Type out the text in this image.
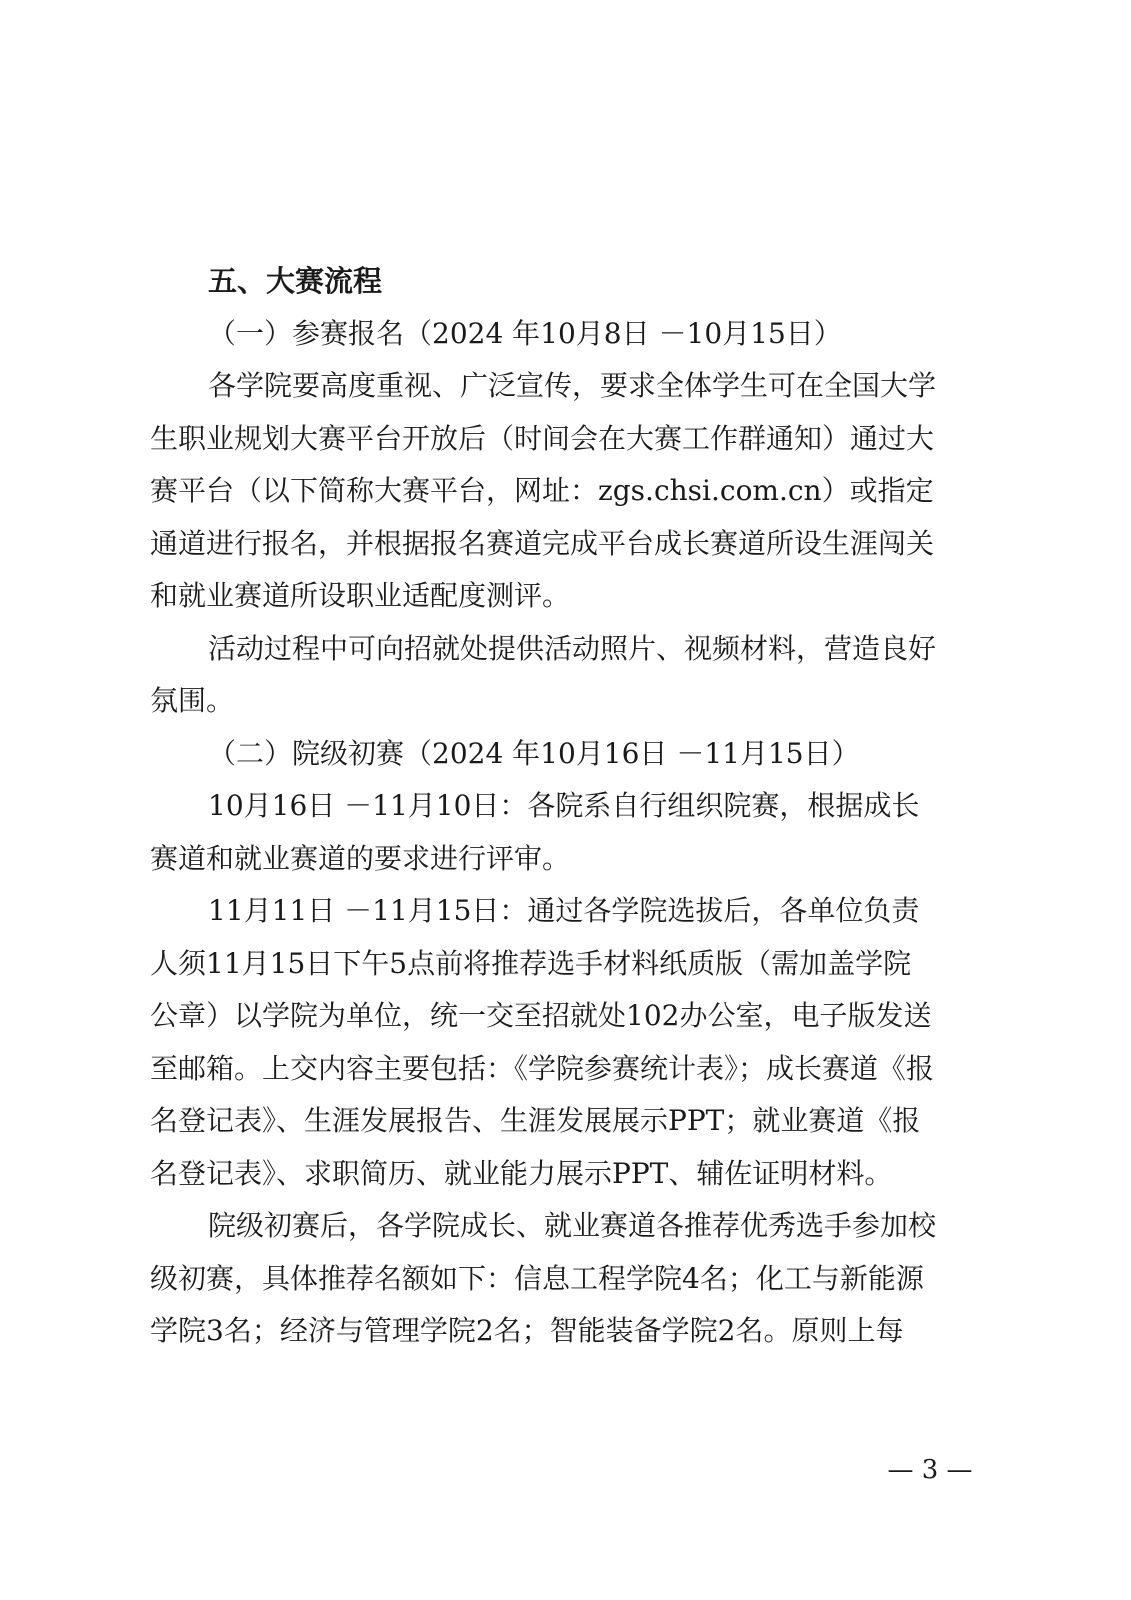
五、大赛流程
（一）参赛报名（2024 年10月8日 －10月15日）
各学院要高度重视、广泛宣传，要求全体学生可在全国大学
生职业规划大赛平台开放后（时间会在大赛工作群通知）通过大
赛平台（以下简称大赛平台，网址：zgs.chsi.com.cn）或指定
通道进行报名，并根据报名赛道完成平台成长赛道所设生涯闯关
和就业赛道所设职业适配度测评。
活动过程中可向招就处提供活动照片、视频材料，营造良好
氛围。
（二）院级初赛（2024 年10月16日 －11月15日）
10月16日 －11月10日：各院系自行组织院赛，根据成长
赛道和就业赛道的要求进行评审。
11月11日 －11月15日：通过各学院选拔后，各单位负责
人须11月15日下午5点前将推荐选手材料纸质版（需加盖学院
公章）以学院为单位，统一交至招就处102办公室，电子版发送
至邮箱。上交内容主要包括：《学院参赛统计表》；成长赛道《报
名登记表》、生涯发展报告、生涯发展展示PPT；就业赛道《报
名登记表》、求职简历、就业能力展示PPT、辅佐证明材料。
院级初赛后，各学院成长、就业赛道各推荐优秀选手参加校
级初赛，具体推荐名额如下：信息工程学院4名；化工与新能源
学院3名；经济与管理学院2名；智能装备学院2名。原则上每
— 3 —
